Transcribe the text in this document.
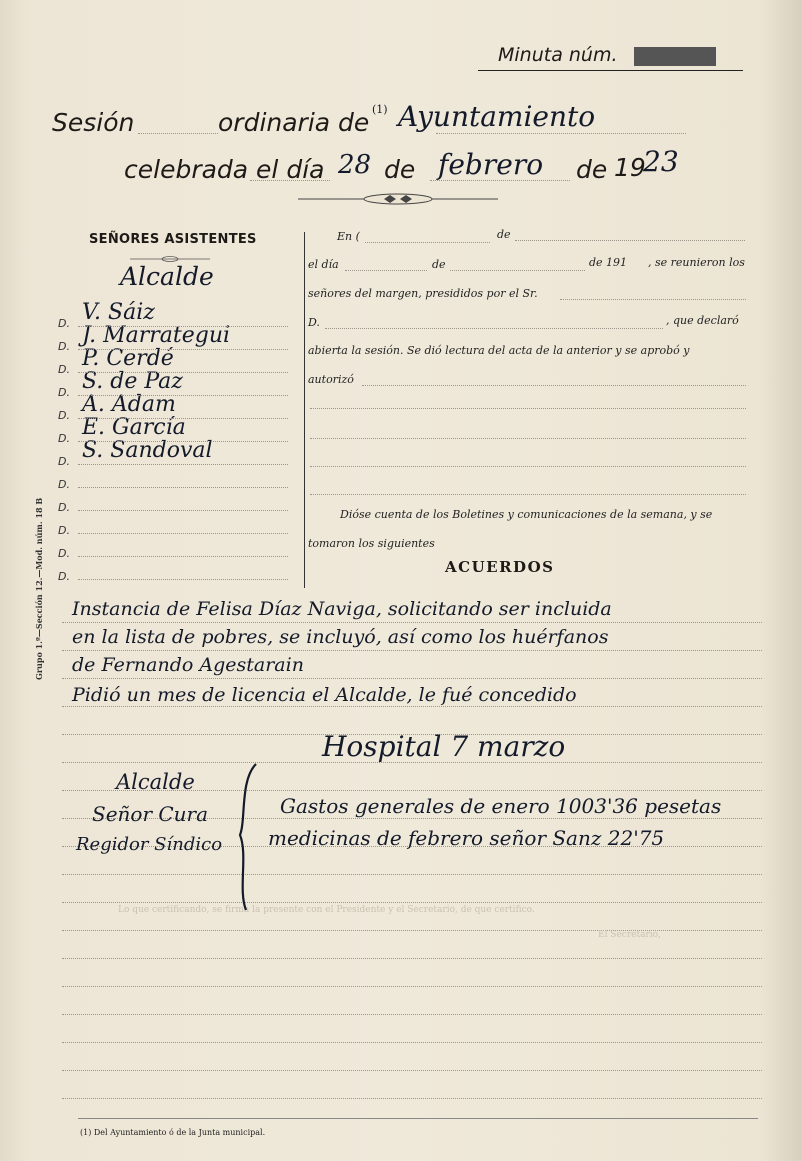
Minuta núm.
Sesión	ordinaria de (1) Ayuntamiento
celebrada el día 28 de febrero de 19
23
SEÑORES ASISTENTES
Alcalde
D. V. Sáiz
D. J. Marrategui
D. P. Cerdé
D. S. de Paz
D. A. Adam
D. E. García
D. S. Sandoval
D.
D.
D.
D.
D.
En (	de
el día	de	de 191 , se reunieron los
señores del margen, presididos por el Sr.
D.	, que declaró
abierta la sesión. Se dió lectura del acta de la anterior y se aprobó y
autorizó
Dióse cuenta de los Boletines y comunicaciones de la semana, y se
tomaron los siguientes
ACUERDOS
Lo que certificando, se firma la presente con el Presidente y el Secretario, de que certifico.
El Secretario,
Instancia de Felisa Díaz Naviga, solicitando ser incluida
en la lista de pobres, se incluyó, así como los huérfanos
de Fernando Agestarain
Pidió un mes de licencia el Alcalde, le fué concedido
Hospital 7 marzo
Alcalde
Señor Cura
Regidor Síndico
Gastos generales de enero 1003'36 pesetas
medicinas de febrero señor Sanz 22'75
Grupo 1.º—Sección 12.—Mod. núm. 18 B
(1) Del Ayuntamiento ó de la Junta municipal.
